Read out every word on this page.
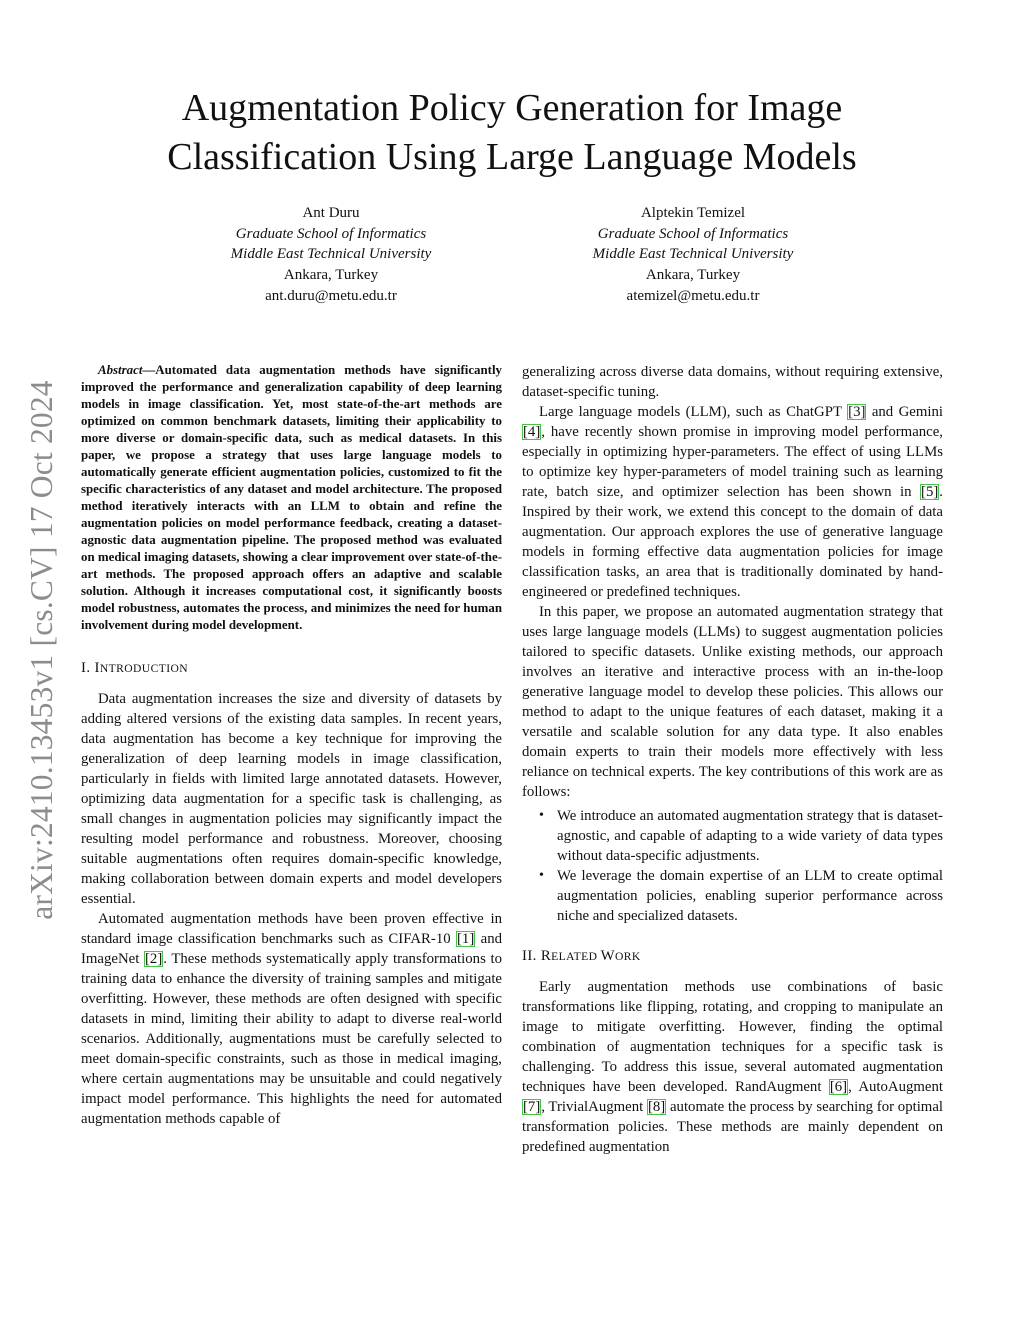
arXiv:2410.13453v1 [cs.CV] 17 Oct 2024
Augmentation Policy Generation for Image
Classification Using Large Language Models
Ant Duru
Graduate School of Informatics
Middle East Technical University
Ankara, Turkey
ant.duru@metu.edu.tr
Alptekin Temizel
Graduate School of Informatics
Middle East Technical University
Ankara, Turkey
atemizel@metu.edu.tr

Abstract—Automated data augmentation methods have significantly improved the performance and generalization capability of deep learning models in image classification. Yet, most state-of-the-art methods are optimized on common benchmark datasets, limiting their applicability to more diverse or domain-specific data, such as medical datasets. In this paper, we propose a strategy that uses large language models to automatically generate efficient augmentation policies, customized to fit the specific characteristics of any dataset and model architecture. The proposed method iteratively interacts with an LLM to obtain and refine the augmentation policies on model performance feedback, creating a dataset-agnostic data augmentation pipeline. The proposed method was evaluated on medical imaging datasets, showing a clear improvement over state-of-the-art methods. The proposed approach offers an adaptive and scalable solution. Although it increases computational cost, it significantly boosts model robustness, automates the process, and minimizes the need for human involvement during model development.

I. INTRODUCTION

Data augmentation increases the size and diversity of datasets by adding altered versions of the existing data samples. In recent years, data augmentation has become a key technique for improving the generalization of deep learning models in image classification, particularly in fields with limited large annotated datasets. However, optimizing data augmentation for a specific task is challenging, as small changes in augmentation policies may significantly impact the resulting model performance and robustness. Moreover, choosing suitable augmentations often requires domain-specific knowledge, making collaboration between domain experts and model developers essential.

Automated augmentation methods have been proven effective in standard image classification benchmarks such as CIFAR-10 [1] and ImageNet [2]. These methods systematically apply transformations to training data to enhance the diversity of training samples and mitigate overfitting. However, these methods are often designed with specific datasets in mind, limiting their ability to adapt to diverse real-world scenarios. Additionally, augmentations must be carefully selected to meet domain-specific constraints, such as those in medical imaging, where certain augmentations may be unsuitable and could negatively impact model performance. This highlights the need for automated augmentation methods capable of

generalizing across diverse data domains, without requiring extensive, dataset-specific tuning.

Large language models (LLM), such as ChatGPT [3] and Gemini [4], have recently shown promise in improving model performance, especially in optimizing hyper-parameters. The effect of using LLMs to optimize key hyper-parameters of model training such as learning rate, batch size, and optimizer selection has been shown in [5]. Inspired by their work, we extend this concept to the domain of data augmentation. Our approach explores the use of generative language models in forming effective data augmentation policies for image classification tasks, an area that is traditionally dominated by hand-engineered or predefined techniques.

In this paper, we propose an automated augmentation strategy that uses large language models (LLMs) to suggest augmentation policies tailored to specific datasets. Unlike existing methods, our approach involves an iterative and interactive process with an in-the-loop generative language model to develop these policies. This allows our method to adapt to the unique features of each dataset, making it a versatile and scalable solution for any data type. It also enables domain experts to train their models more effectively with less reliance on technical experts. The key contributions of this work are as follows:

• We introduce an automated augmentation strategy that is dataset-agnostic, and capable of adapting to a wide variety of data types without data-specific adjustments.
• We leverage the domain expertise of an LLM to create optimal augmentation policies, enabling superior performance across niche and specialized datasets.

II. RELATED WORK

Early augmentation methods use combinations of basic transformations like flipping, rotating, and cropping to manipulate an image to mitigate overfitting. However, finding the optimal combination of augmentation techniques for a specific task is challenging. To address this issue, several automated augmentation techniques have been developed. RandAugment [6], AutoAugment [7], TrivialAugment [8] automate the process by searching for optimal transformation policies. These methods are mainly dependent on predefined augmentation
